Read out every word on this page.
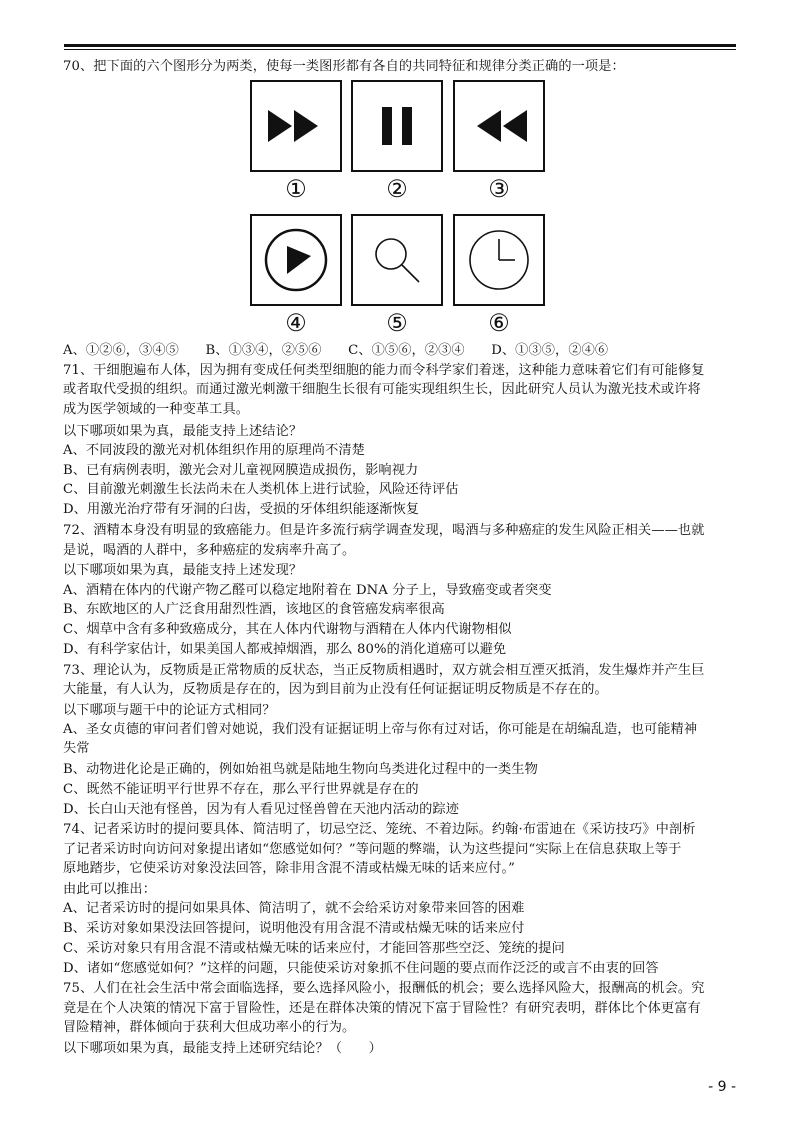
70、把下面的六个图形分为两类，使每一类图形都有各自的共同特征和规律分类正确的一项是：
①	②	③
④	⑤	⑥
A、①②⑥，③④⑤　　B、①③④，②⑤⑥　　C、①⑤⑥，②③④　　D、①③⑤，②④⑥
71、干细胞遍布人体，因为拥有变成任何类型细胞的能力而令科学家们着迷，这种能力意味着它们有可能修复
或者取代受损的组织。而通过激光刺激干细胞生长很有可能实现组织生长，因此研究人员认为激光技术或许将
成为医学领域的一种变革工具。
以下哪项如果为真，最能支持上述结论？
A、不同波段的激光对机体组织作用的原理尚不清楚
B、已有病例表明，激光会对儿童视网膜造成损伤，影响视力
C、目前激光刺激生长法尚未在人类机体上进行试验，风险还待评估
D、用激光治疗带有牙洞的臼齿，受损的牙体组织能逐渐恢复
72、酒精本身没有明显的致癌能力。但是许多流行病学调查发现，喝酒与多种癌症的发生风险正相关——也就
是说，喝酒的人群中，多种癌症的发病率升高了。
以下哪项如果为真，最能支持上述发现？
A、酒精在体内的代谢产物乙醛可以稳定地附着在 DNA 分子上，导致癌变或者突变
B、东欧地区的人广泛食用甜烈性酒，该地区的食管癌发病率很高
C、烟草中含有多种致癌成分，其在人体内代谢物与酒精在人体内代谢物相似
D、有科学家估计，如果美国人都戒掉烟酒，那么 80%的消化道癌可以避免
73、理论认为，反物质是正常物质的反状态，当正反物质相遇时，双方就会相互湮灭抵消，发生爆炸并产生巨
大能量，有人认为，反物质是存在的，因为到目前为止没有任何证据证明反物质是不存在的。
以下哪项与题干中的论证方式相同？
A、圣女贞德的审问者们曾对她说，我们没有证据证明上帝与你有过对话，你可能是在胡编乱造，也可能精神
失常
B、动物进化论是正确的，例如始祖鸟就是陆地生物向鸟类进化过程中的一类生物
C、既然不能证明平行世界不存在，那么平行世界就是存在的
D、长白山天池有怪兽，因为有人看见过怪兽曾在天池内活动的踪迹
74、记者采访时的提问要具体、简洁明了，切忌空泛、笼统、不着边际。约翰·布雷迪在《采访技巧》中剖析
了记者采访时向访问对象提出诸如“您感觉如何？”等问题的弊端，认为这些提问“实际上在信息获取上等于
原地踏步，它使采访对象没法回答，除非用含混不清或枯燥无味的话来应付。”
由此可以推出：
A、记者采访时的提问如果具体、简洁明了，就不会给采访对象带来回答的困难
B、采访对象如果没法回答提问，说明他没有用含混不清或枯燥无味的话来应付
C、采访对象只有用含混不清或枯燥无味的话来应付，才能回答那些空泛、笼统的提问
D、诸如“您感觉如何？”这样的问题，只能使采访对象抓不住问题的要点而作泛泛的或言不由衷的回答
75、人们在社会生活中常会面临选择，要么选择风险小，报酬低的机会；要么选择风险大，报酬高的机会。究
竟是在个人决策的情况下富于冒险性，还是在群体决策的情况下富于冒险性？有研究表明，群体比个体更富有
冒险精神，群体倾向于获利大但成功率小的行为。
以下哪项如果为真，最能支持上述研究结论？（　　）
- 9 -
